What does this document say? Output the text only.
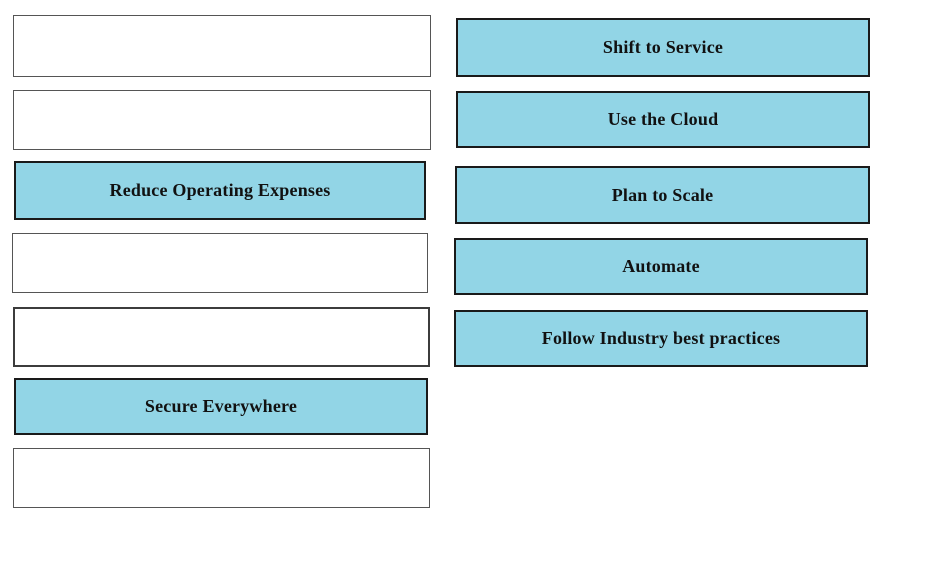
Reduce Operating Expenses
Secure Everywhere
Shift to Service
Use the Cloud
Plan to Scale
Automate
Follow Industry best practices
